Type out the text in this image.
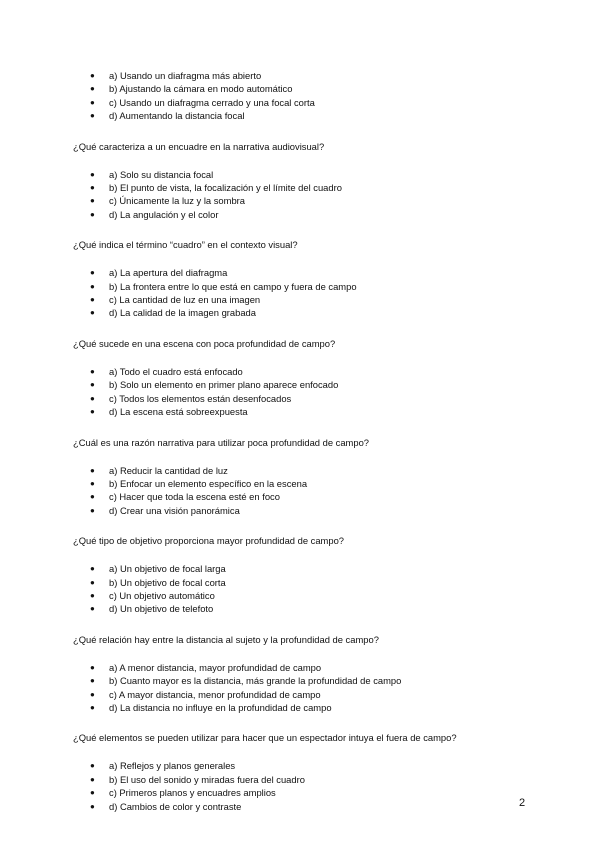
● a) Usando un diafragma más abierto
● b) Ajustando la cámara en modo automático
● c) Usando un diafragma cerrado y una focal corta
● d) Aumentando la distancia focal

¿Qué caracteriza a un encuadre en la narrativa audiovisual?

● a) Solo su distancia focal
● b) El punto de vista, la focalización y el límite del cuadro
● c) Únicamente la luz y la sombra
● d) La angulación y el color

¿Qué indica el término “cuadro” en el contexto visual?

● a) La apertura del diafragma
● b) La frontera entre lo que está en campo y fuera de campo
● c) La cantidad de luz en una imagen
● d) La calidad de la imagen grabada

¿Qué sucede en una escena con poca profundidad de campo?

● a) Todo el cuadro está enfocado
● b) Solo un elemento en primer plano aparece enfocado
● c) Todos los elementos están desenfocados
● d) La escena está sobreexpuesta

¿Cuál es una razón narrativa para utilizar poca profundidad de campo?

● a) Reducir la cantidad de luz
● b) Enfocar un elemento específico en la escena
● c) Hacer que toda la escena esté en foco
● d) Crear una visión panorámica

¿Qué tipo de objetivo proporciona mayor profundidad de campo?

● a) Un objetivo de focal larga
● b) Un objetivo de focal corta
● c) Un objetivo automático
● d) Un objetivo de telefoto

¿Qué relación hay entre la distancia al sujeto y la profundidad de campo?

● a) A menor distancia, mayor profundidad de campo
● b) Cuanto mayor es la distancia, más grande la profundidad de campo
● c) A mayor distancia, menor profundidad de campo
● d) La distancia no influye en la profundidad de campo

¿Qué elementos se pueden utilizar para hacer que un espectador intuya el fuera de campo?

● a) Reflejos y planos generales
● b) El uso del sonido y miradas fuera del cuadro
● c) Primeros planos y encuadres amplios
● d) Cambios de color y contraste	2
